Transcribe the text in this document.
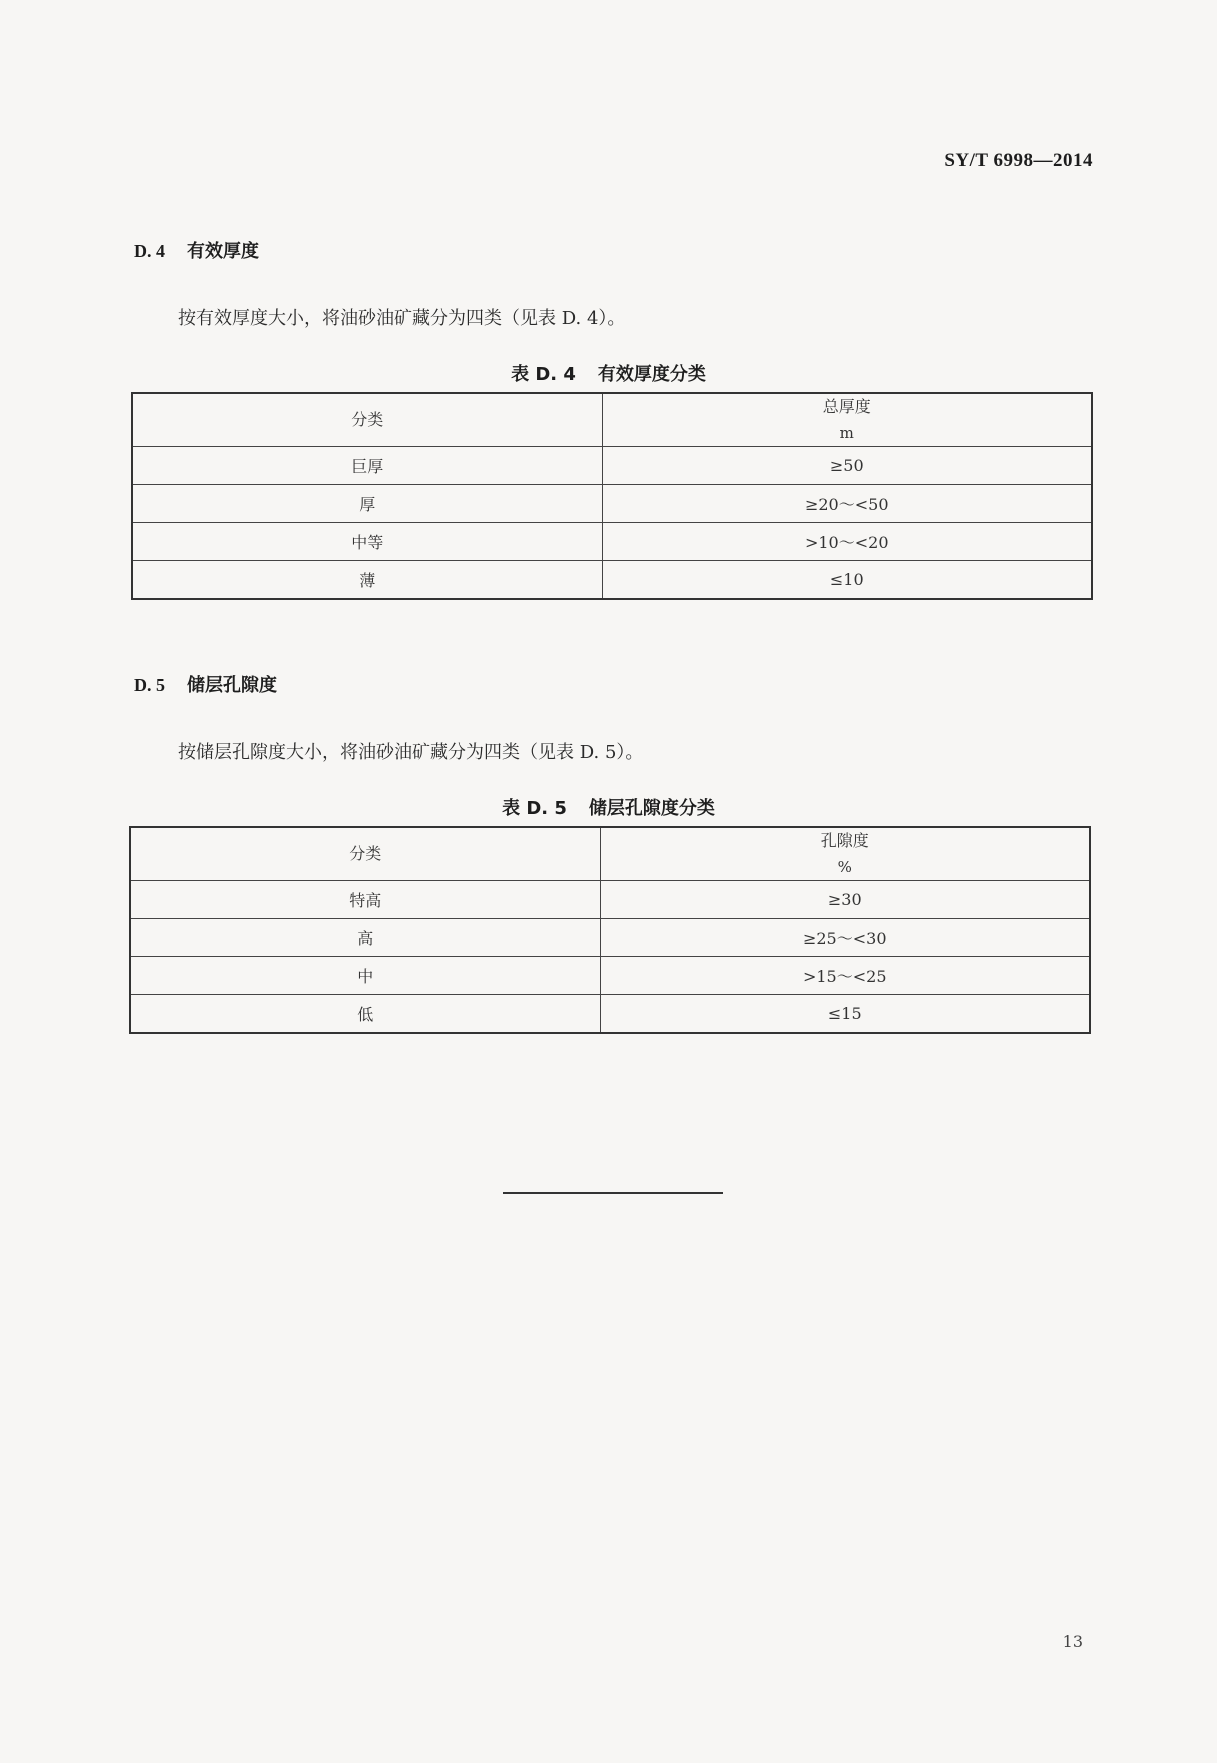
SY/T 6998—2014
D. 4 有效厚度
按有效厚度大小，将油砂油矿藏分为四类（见表 D. 4）。
表 D. 4 有效厚度分类
分类	总厚度
m

巨厚	≥50
厚	≥20～<50
中等	>10～<20
薄	≤10
D. 5 储层孔隙度
按储层孔隙度大小，将油砂油矿藏分为四类（见表 D. 5）。
表 D. 5 储层孔隙度分类
分类	孔隙度
%

特高	≥30
高	≥25～<30
中	>15～<25
低	≤15
13
